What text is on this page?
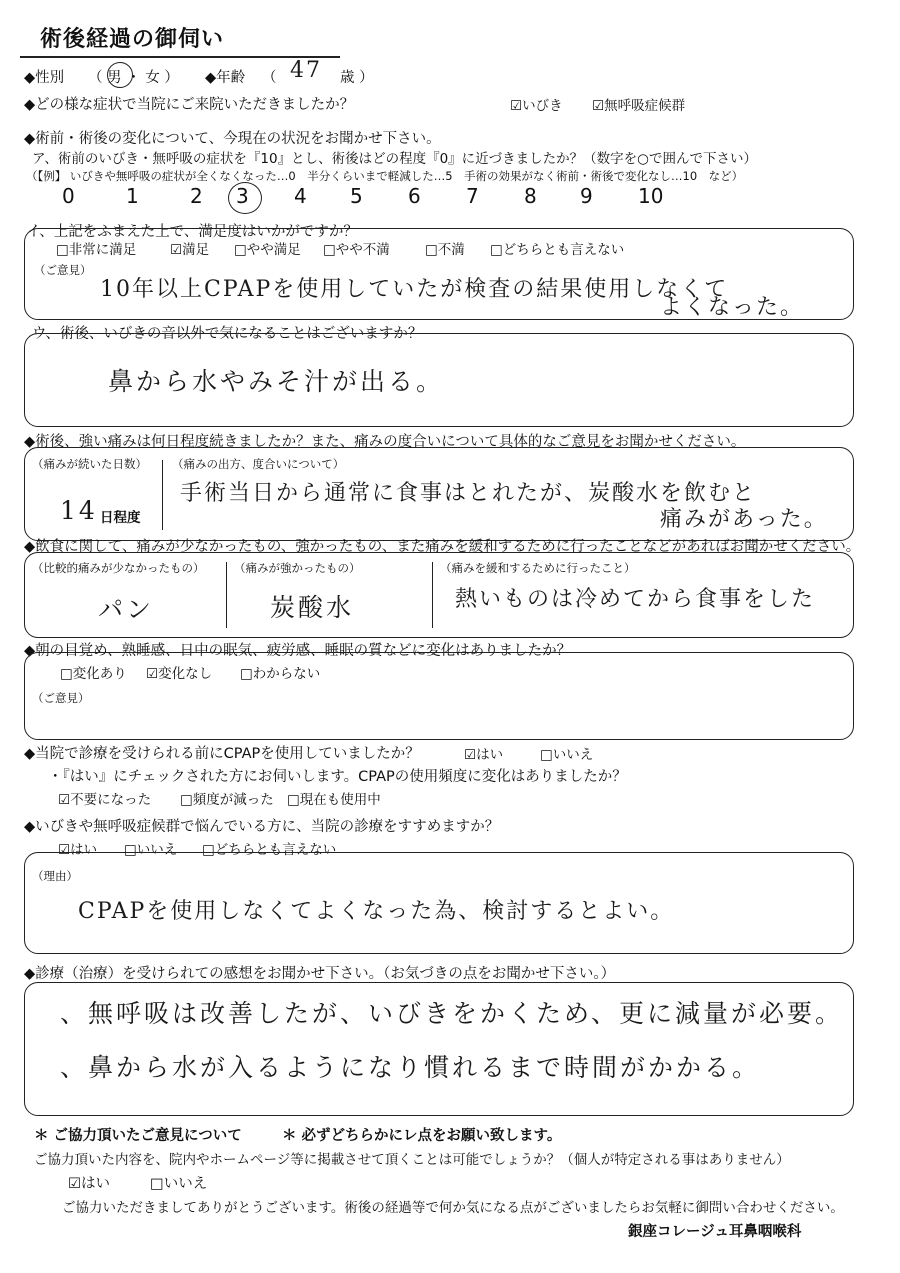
術後経過の御伺い
◆性別 （ 男 ・ 女 ） ◆年齢 （ 47 歳 ）
◆どの様な症状で当院にご来院いただきましたか？	☑いびき ☑無呼吸症候群
◆術前・術後の変化について、今現在の状況をお聞かせ下さい。
ア、術前のいびき・無呼吸の症状を『10』とし、術後はどの程度『0』に近づきましたか？（数字を○で囲んで下さい）
（【例】 いびきや無呼吸の症状が全くなくなった…0　半分くらいまで軽減した…5　手術の効果がなく術前・術後で変化なし…10　など）
0	1	2 3 4 5 6 7 8 9 10
イ、上記をふまえた上で、満足度はいかがですか？
□非常に満足 ☑満足 □やや満足 □やや不満	□不満 □どちらとも言えない
（ご意見）
10年以上CPAPを使用していたが検査の結果使用しなくて
よくなった。
ウ、術後、いびきの音以外で気になることはございますか？
鼻から水やみそ汁が出る。
◆術後、強い痛みは何日程度続きましたか？また、痛みの度合いについて具体的なご意見をお聞かせください。
（痛みが続いた日数）
14 日程度
（痛みの出方、度合いについて）
手術当日から通常に食事はとれたが、炭酸水を飲むと
痛みがあった。
◆飲食に関して、痛みが少なかったもの、強かったもの、また痛みを緩和するために行ったことなどがあればお聞かせください。
（比較的痛みが少なかったもの）
パン
（痛みが強かったもの）
炭酸水
（痛みを緩和するために行ったこと）
熱いものは冷めてから食事をした
◆朝の目覚め、熟睡感、日中の眠気、疲労感、睡眠の質などに変化はありましたか？
□変化あり ☑変化なし □わからない
（ご意見）
◆当院で診療を受けられる前にCPAPを使用していましたか？	☑はい	□いいえ
・『はい』にチェックされた方にお伺いします。CPAPの使用頻度に変化はありましたか？
☑不要になった □頻度が減った □現在も使用中
◆いびきや無呼吸症候群で悩んでいる方に、当院の診療をすすめますか？
☑はい □いいえ □どちらとも言えない
（理由）
CPAPを使用しなくてよくなった為、検討するとよい。
◆診療（治療）を受けられての感想をお聞かせ下さい。（お気づきの点をお聞かせ下さい。）
、無呼吸は改善したが、いびきをかくため、更に減量が必要。
、鼻から水が入るようになり慣れるまで時間がかかる。
＊ ご協力頂いたご意見について	＊ 必ずどちらかにレ点をお願い致します。
ご協力頂いた内容を、院内やホームページ等に掲載させて頂くことは可能でしょうか？（個人が特定される事はありません）
☑はい	□いいえ
ご協力いただきましてありがとうございます。術後の経過等で何か気になる点がございましたらお気軽に御問い合わせください。
銀座コレージュ耳鼻咽喉科
